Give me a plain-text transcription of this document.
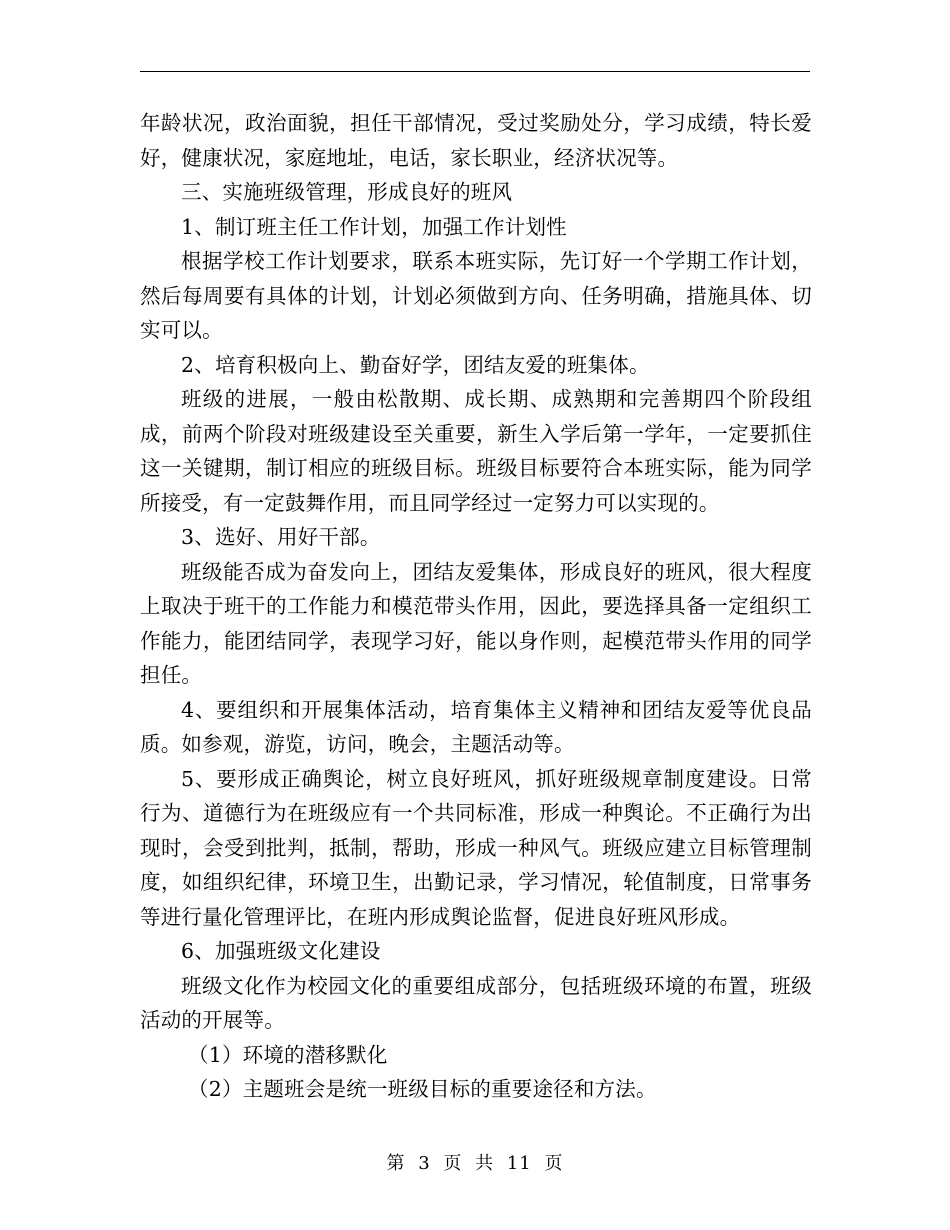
年龄状况，政治面貌，担任干部情况，受过奖励处分，学习成绩，特长爱好，健康状况，家庭地址，电话，家长职业，经济状况等。

三、实施班级管理，形成良好的班风

1、制订班主任工作计划，加强工作计划性

根据学校工作计划要求，联系本班实际，先订好一个学期工作计划，然后每周要有具体的计划，计划必须做到方向、任务明确，措施具体、切实可以。

2、培育积极向上、勤奋好学，团结友爱的班集体。

班级的进展，一般由松散期、成长期、成熟期和完善期四个阶段组成，前两个阶段对班级建设至关重要，新生入学后第一学年，一定要抓住这一关键期，制订相应的班级目标。班级目标要符合本班实际，能为同学所接受，有一定鼓舞作用，而且同学经过一定努力可以实现的。

3、选好、用好干部。

班级能否成为奋发向上，团结友爱集体，形成良好的班风，很大程度上取决于班干的工作能力和模范带头作用，因此，要选择具备一定组织工作能力，能团结同学，表现学习好，能以身作则，起模范带头作用的同学担任。

4、要组织和开展集体活动，培育集体主义精神和团结友爱等优良品质。如参观，游览，访问，晚会，主题活动等。

5、要形成正确舆论，树立良好班风，抓好班级规章制度建设。日常行为、道德行为在班级应有一个共同标准，形成一种舆论。不正确行为出现时，会受到批判，抵制，帮助，形成一种风气。班级应建立目标管理制度，如组织纪律，环境卫生，出勤记录，学习情况，轮值制度，日常事务等进行量化管理评比，在班内形成舆论监督，促进良好班风形成。

6、加强班级文化建设

班级文化作为校园文化的重要组成部分，包括班级环境的布置，班级活动的开展等。

（1）环境的潜移默化

（2）主题班会是统一班级目标的重要途径和方法。

第 3 页 共 11 页
